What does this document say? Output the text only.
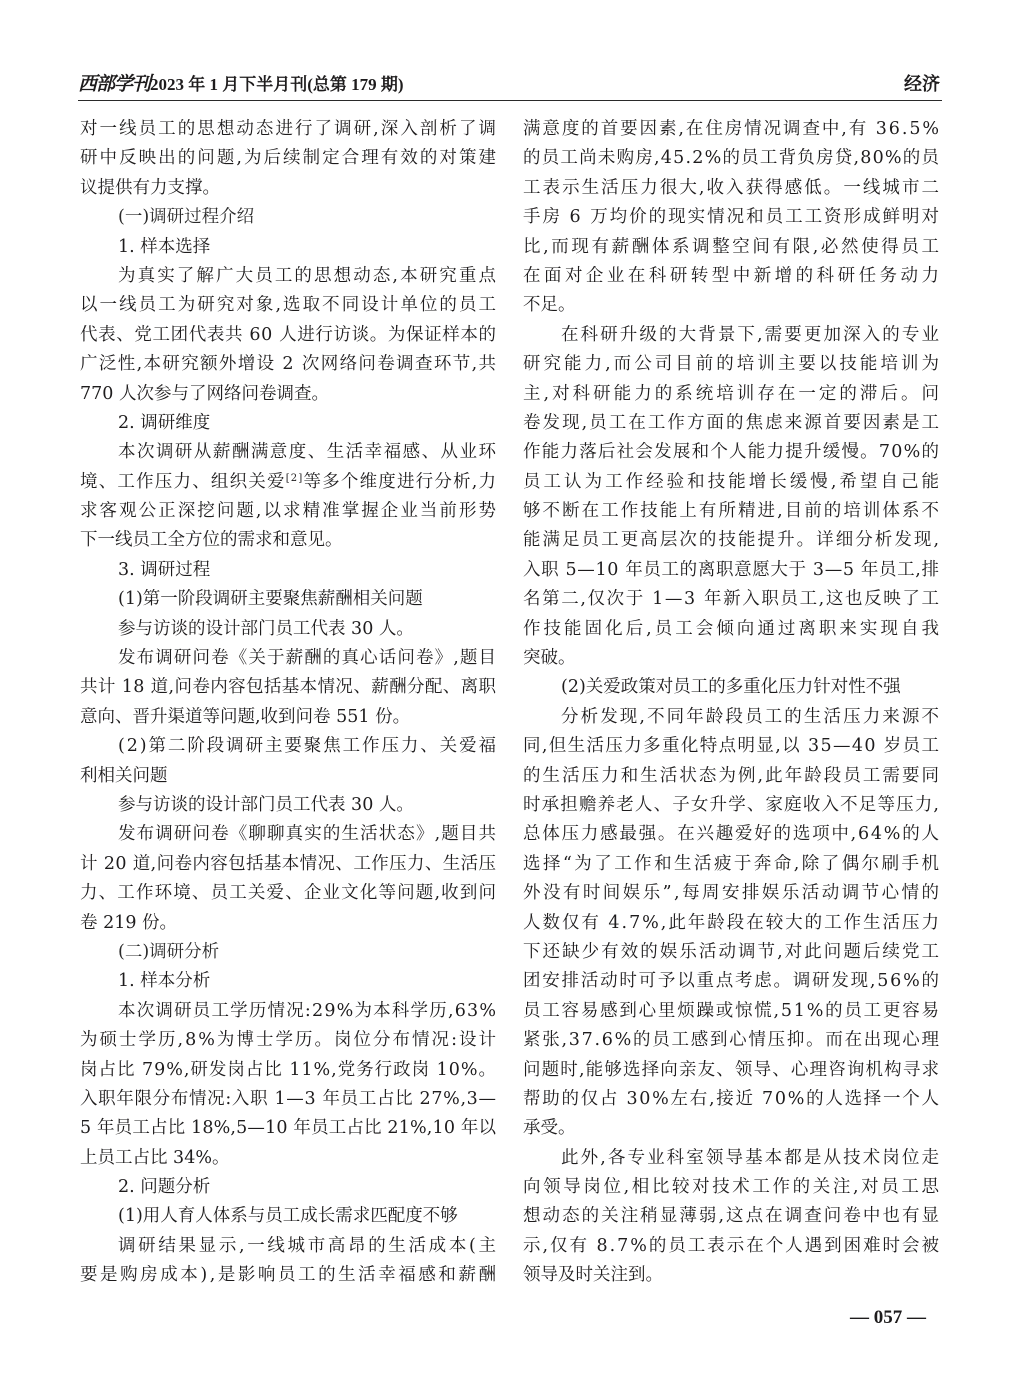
西部学刊 2023 年 1 月下半月刊(总第 179 期)	经济
对一线员工的思想动态进行了调研,深入剖析了调
研中反映出的问题,为后续制定合理有效的对策建
议提供有力支撑。
(一)调研过程介绍
1. 样本选择
为真实了解广大员工的思想动态,本研究重点
以一线员工为研究对象,选取不同设计单位的员工
代表、党工团代表共 60 人进行访谈。为保证样本的
广泛性,本研究额外增设 2 次网络问卷调查环节,共
770 人次参与了网络问卷调查。
2. 调研维度
本次调研从薪酬满意度、生活幸福感、从业环
境、工作压力、组织关爱[2]等多个维度进行分析,力
求客观公正深挖问题,以求精准掌握企业当前形势
下一线员工全方位的需求和意见。
3. 调研过程
(1)第一阶段调研主要聚焦薪酬相关问题
参与访谈的设计部门员工代表 30 人。
发布调研问卷《关于薪酬的真心话问卷》,题目
共计 18 道,问卷内容包括基本情况、薪酬分配、离职
意向、晋升渠道等问题,收到问卷 551 份。
(2)第二阶段调研主要聚焦工作压力、关爱福
利相关问题
参与访谈的设计部门员工代表 30 人。
发布调研问卷《聊聊真实的生活状态》,题目共
计 20 道,问卷内容包括基本情况、工作压力、生活压
力、工作环境、员工关爱、企业文化等问题,收到问
卷 219 份。
(二)调研分析
1. 样本分析
本次调研员工学历情况:29%为本科学历,63%
为硕士学历,8%为博士学历。岗位分布情况:设计
岗占比 79%,研发岗占比 11%,党务行政岗 10%。
入职年限分布情况:入职 1—3 年员工占比 27%,3—
5 年员工占比 18%,5—10 年员工占比 21%,10 年以
上员工占比 34%。
2. 问题分析
(1)用人育人体系与员工成长需求匹配度不够
调研结果显示,一线城市高昂的生活成本(主
要是购房成本),是影响员工的生活幸福感和薪酬
满意度的首要因素,在住房情况调查中,有 36.5%
的员工尚未购房,45.2%的员工背负房贷,80%的员
工表示生活压力很大,收入获得感低。一线城市二
手房 6 万均价的现实情况和员工工资形成鲜明对
比,而现有薪酬体系调整空间有限,必然使得员工
在面对企业在科研转型中新增的科研任务动力
不足。
在科研升级的大背景下,需要更加深入的专业
研究能力,而公司目前的培训主要以技能培训为
主,对科研能力的系统培训存在一定的滞后。问
卷发现,员工在工作方面的焦虑来源首要因素是工
作能力落后社会发展和个人能力提升缓慢。70%的
员工认为工作经验和技能增长缓慢,希望自己能
够不断在工作技能上有所精进,目前的培训体系不
能满足员工更高层次的技能提升。详细分析发现,
入职 5—10 年员工的离职意愿大于 3—5 年员工,排
名第二,仅次于 1—3 年新入职员工,这也反映了工
作技能固化后,员工会倾向通过离职来实现自我
突破。
(2)关爱政策对员工的多重化压力针对性不强
分析发现,不同年龄段员工的生活压力来源不
同,但生活压力多重化特点明显,以 35—40 岁员工
的生活压力和生活状态为例,此年龄段员工需要同
时承担赡养老人、子女升学、家庭收入不足等压力,
总体压力感最强。在兴趣爱好的选项中,64%的人
选择“为了工作和生活疲于奔命,除了偶尔刷手机
外没有时间娱乐”,每周安排娱乐活动调节心情的
人数仅有 4.7%,此年龄段在较大的工作生活压力
下还缺少有效的娱乐活动调节,对此问题后续党工
团安排活动时可予以重点考虑。调研发现,56%的
员工容易感到心里烦躁或惊慌,51%的员工更容易
紧张,37.6%的员工感到心情压抑。而在出现心理
问题时,能够选择向亲友、领导、心理咨询机构寻求
帮助的仅占 30%左右,接近 70%的人选择一个人
承受。
此外,各专业科室领导基本都是从技术岗位走
向领导岗位,相比较对技术工作的关注,对员工思
想动态的关注稍显薄弱,这点在调查问卷中也有显
示,仅有 8.7%的员工表示在个人遇到困难时会被
领导及时关注到。
— 057 —
